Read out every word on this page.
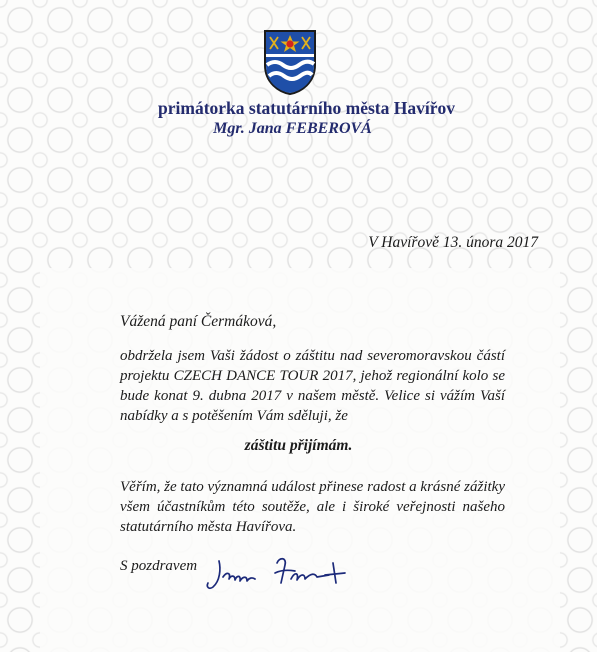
primátorka statutárního města Havířov
Mgr. Jana FEBEROVÁ
V Havířově 13. února 2017
Vážená paní Čermáková,
obdržela jsem Vaši žádost o záštitu nad severomoravskou částí projektu CZECH DANCE TOUR 2017, jehož regionální kolo se bude konat 9. dubna 2017 v našem městě. Velice si vážím Vaší nabídky a s potěšením Vám sděluji, že
záštitu přijímám.
Věřím, že tato významná událost přinese radost a krásné zážitky všem účastníkům této soutěže, ale i široké veřejnosti našeho statutárního města Havířova.
S pozdravem
